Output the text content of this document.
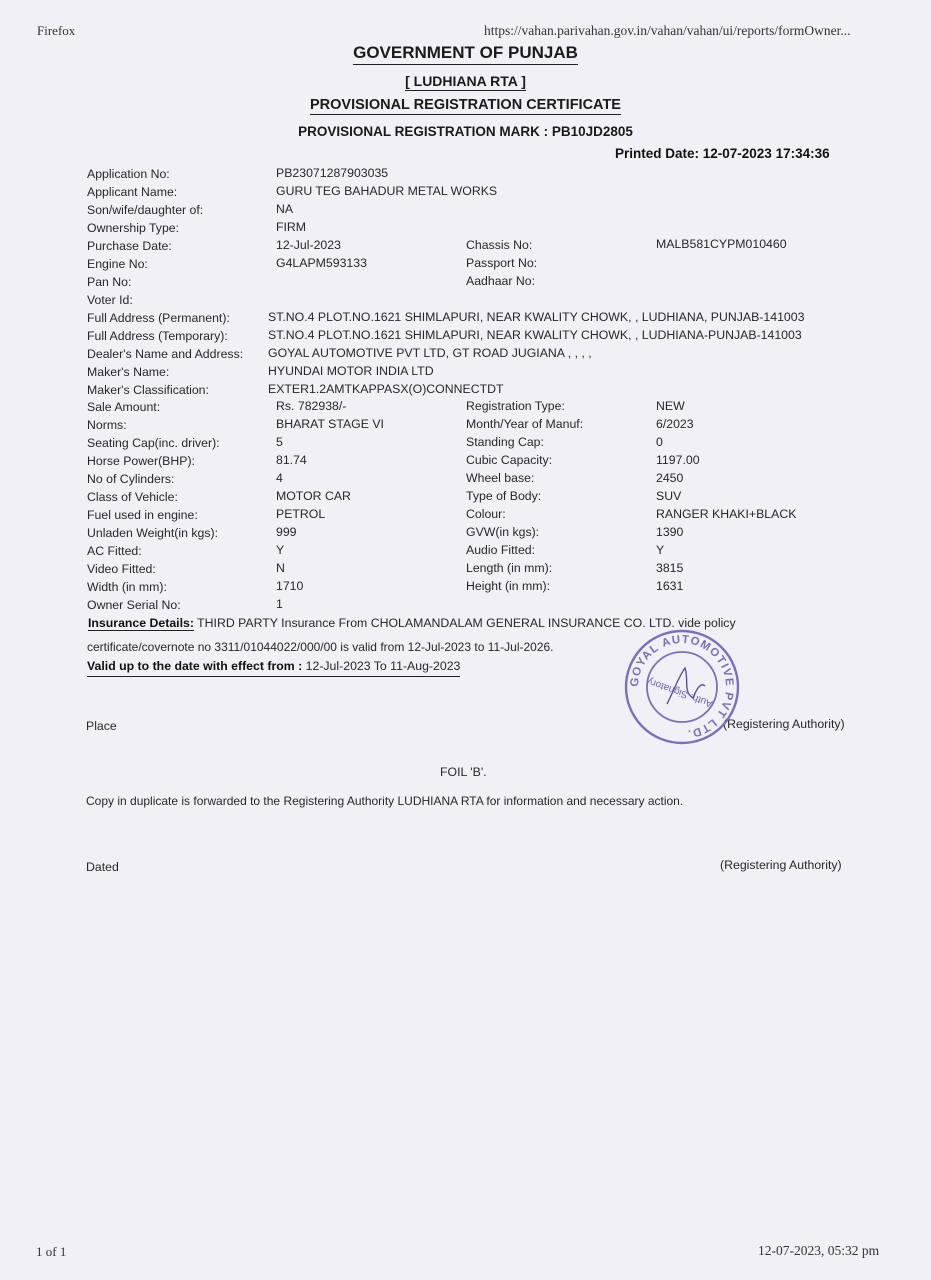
Firefox	https://vahan.parivahan.gov.in/vahan/vahan/ui/reports/formOwner...
GOVERNMENT OF PUNJAB
[ LUDHIANA RTA ]
PROVISIONAL REGISTRATION CERTIFICATE
PROVISIONAL REGISTRATION MARK : PB10JD2805
Printed Date: 12-07-2023 17:34:36
Application No:	PB23071287903035
Applicant Name:	GURU TEG BAHADUR METAL WORKS
Son/wife/daughter of:	NA
Ownership Type:	FIRM
Purchase Date:	12-Jul-2023	Chassis No:	MALB581CYPM010460
Engine No:	G4LAPM593133	Passport No:
Pan No:	Aadhaar No:
Voter Id:
Full Address (Permanent):	ST.NO.4 PLOT.NO.1621 SHIMLAPURI, NEAR KWALITY CHOWK, , LUDHIANA, PUNJAB-141003
Full Address (Temporary):	ST.NO.4 PLOT.NO.1621 SHIMLAPURI, NEAR KWALITY CHOWK, , LUDHIANA-PUNJAB-141003
Dealer's Name and Address: GOYAL AUTOMOTIVE PVT LTD, GT ROAD JUGIANA , , , ,
Maker's Name:	HYUNDAI MOTOR INDIA LTD
Maker's Classification:	EXTER1.2AMTKAPPASX(O)CONNECTDT
Sale Amount:	Rs. 782938/-	Registration Type:	NEW
Norms:	BHARAT STAGE VI	Month/Year of Manuf:	6/2023
Seating Cap(inc. driver):	5	Standing Cap:	0
Horse Power(BHP):	81.74	Cubic Capacity:	1197.00
No of Cylinders:	4	Wheel base:	2450
Class of Vehicle:	MOTOR CAR	Type of Body:	SUV
Fuel used in engine:	PETROL	Colour:	RANGER KHAKI+BLACK
Unladen Weight(in kgs):	999	GVW(in kgs):	1390
AC Fitted:	Y	Audio Fitted:	Y
Video Fitted:	N	Length (in mm):	3815
Width (in mm):	1710	Height (in mm):	1631
Owner Serial No:	1
Insurance Details: THIRD PARTY Insurance From CHOLAMANDALAM GENERAL INSURANCE CO. LTD. vide policy
certificate/covernote no 3311/01044022/000/00 is valid from 12-Jul-2023 to 11-Jul-2026.
Valid up to the date with effect from : 12-Jul-2023 To 11-Aug-2023
Place	(Registering Authority)
GOYAL AUTOMOTIVE PVT LTD.
Auth. Signatory
FOIL 'B'.
Copy in duplicate is forwarded to the Registering Authority LUDHIANA RTA for information and necessary action.
Dated	(Registering Authority)
1 of 1	12-07-2023, 05:32 pm
